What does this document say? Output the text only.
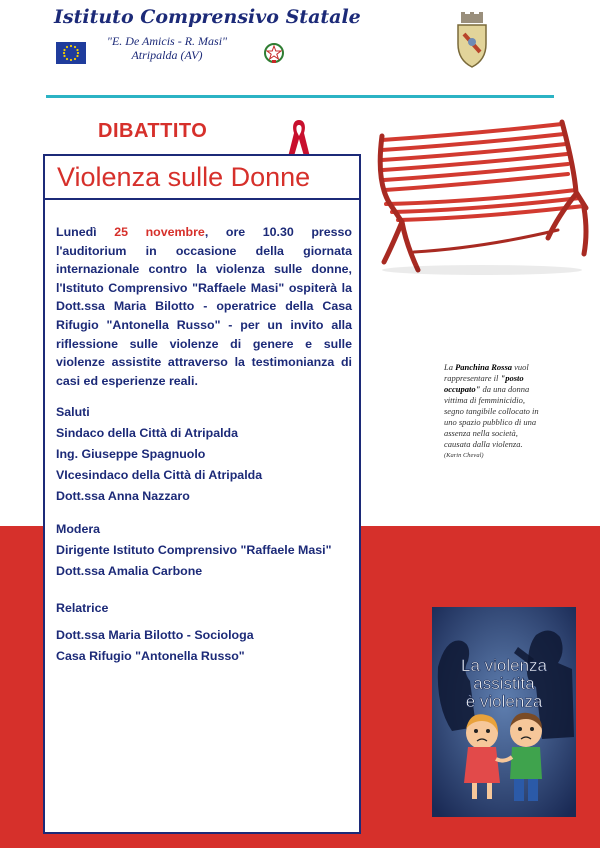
Istituto Comprensivo Statale
"E. De Amicis - R. Masi"
Atripalda (AV)
DIBATTITO
Violenza sulle Donne
Lunedì 25 novembre, ore 10.30 presso l'auditorium in occasione della giornata internazionale contro la violenza sulle donne, l'Istituto Comprensivo "Raffaele Masi" ospiterà la Dott.ssa Maria Bilotto - operatrice della Casa Rifugio "Antonella Russo" - per un invito alla riflessione sulle violenze di genere e sulle violenze assistite attraverso la testimonianza di casi ed esperienze reali.
Saluti
Sindaco della Città di Atripalda
Ing. Giuseppe Spagnuolo
VIcesindaco della Città di Atripalda
Dott.ssa Anna Nazzaro
Modera
Dirigente Istituto Comprensivo "Raffaele Masi"
Dott.ssa Amalia Carbone
Relatrice
Dott.ssa Maria Bilotto - Sociologa
Casa Rifugio "Antonella Russo"
La Panchina Rossa vuol rappresentare il "posto occupato" da una donna vittima di femminicidio, segno tangibile collocato in uno spazio pubblico di una assenza nella società, causata dalla violenza.
(Karin Cheval)
La violenza
assistita
è violenza
